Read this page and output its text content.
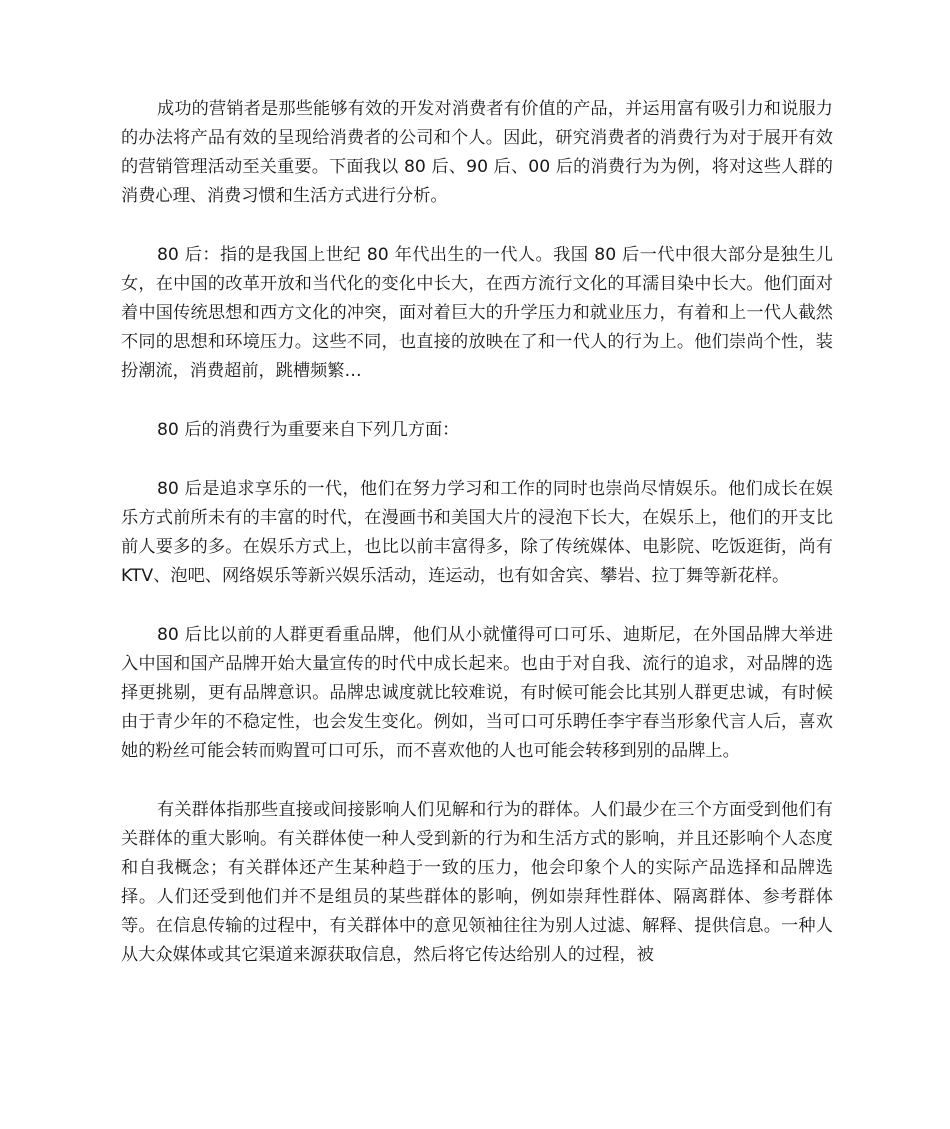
成功的营销者是那些能够有效的开发对消费者有价值的产品，并运用富有吸引力和说服力的办法将产品有效的呈现给消费者的公司和个人。因此，研究消费者的消费行为对于展开有效的营销管理活动至关重要。下面我以 80 后、90 后、00 后的消费行为为例，将对这些人群的消费心理、消费习惯和生活方式进行分析。

80 后：指的是我国上世纪 80 年代出生的一代人。我国 80 后一代中很大部分是独生儿女，在中国的改革开放和当代化的变化中长大，在西方流行文化的耳濡目染中长大。他们面对着中国传统思想和西方文化的冲突，面对着巨大的升学压力和就业压力，有着和上一代人截然不同的思想和环境压力。这些不同，也直接的放映在了和一代人的行为上。他们崇尚个性，装扮潮流，消费超前，跳槽频繁…

80 后的消费行为重要来自下列几方面：

80 后是追求享乐的一代，他们在努力学习和工作的同时也崇尚尽情娱乐。他们成长在娱乐方式前所未有的丰富的时代，在漫画书和美国大片的浸泡下长大，在娱乐上，他们的开支比前人要多的多。在娱乐方式上，也比以前丰富得多，除了传统媒体、电影院、吃饭逛街，尚有 KTV、泡吧、网络娱乐等新兴娱乐活动，连运动，也有如舍宾、攀岩、拉丁舞等新花样。

80 后比以前的人群更看重品牌，他们从小就懂得可口可乐、迪斯尼，在外国品牌大举进入中国和国产品牌开始大量宣传的时代中成长起来。也由于对自我、流行的追求，对品牌的选择更挑剔，更有品牌意识。品牌忠诚度就比较难说，有时候可能会比其别人群更忠诚，有时候由于青少年的不稳定性，也会发生变化。例如，当可口可乐聘任李宇春当形象代言人后，喜欢她的粉丝可能会转而购置可口可乐，而不喜欢他的人也可能会转移到别的品牌上。

有关群体指那些直接或间接影响人们见解和行为的群体。人们最少在三个方面受到他们有关群体的重大影响。有关群体使一种人受到新的行为和生活方式的影响，并且还影响个人态度和自我概念；有关群体还产生某种趋于一致的压力，他会印象个人的实际产品选择和品牌选择。人们还受到他们并不是组员的某些群体的影响，例如崇拜性群体、隔离群体、参考群体等。在信息传输的过程中，有关群体中的意见领袖往往为别人过滤、解释、提供信息。一种人从大众媒体或其它渠道来源获取信息，然后将它传达给别人的过程，被
